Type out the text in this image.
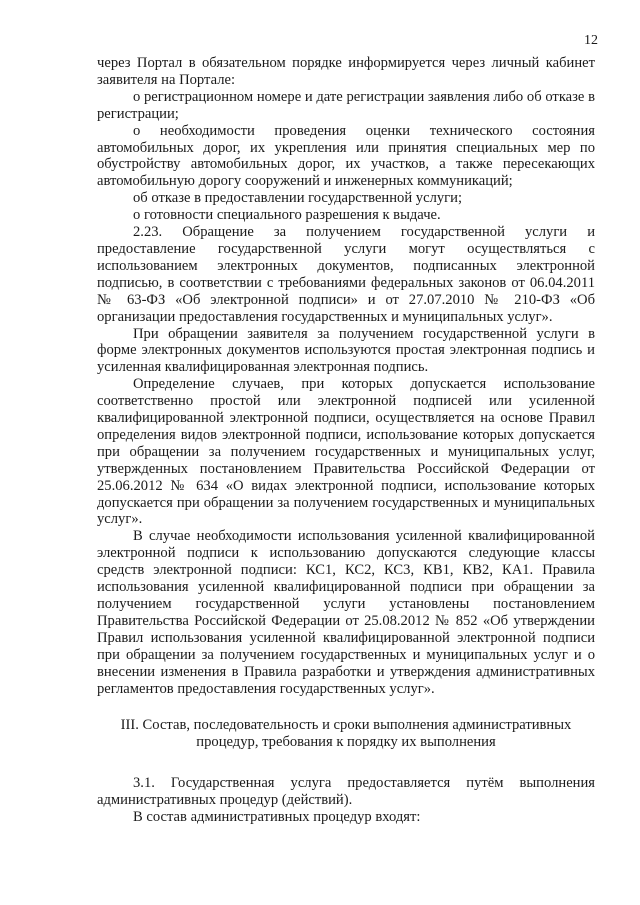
12

через Портал в обязательном порядке информируется через личный кабинет заявителя на Портале:

о регистрационном номере и дате регистрации заявления либо об отказе в регистрации;

о необходимости проведения оценки технического состояния автомобильных дорог, их укрепления или принятия специальных мер по обустройству автомобильных дорог, их участков, а также пересекающих автомобильную дорогу сооружений и инженерных коммуникаций;

об отказе в предоставлении государственной услуги;

о готовности специального разрешения к выдаче.

2.23. Обращение за получением государственной услуги и предоставление государственной услуги могут осуществляться с использованием электронных документов, подписанных электронной подписью, в соответствии с требованиями федеральных законов от 06.04.2011 № 63-ФЗ «Об электронной подписи» и от 27.07.2010 № 210-ФЗ «Об организации предоставления государственных и муниципальных услуг».

При обращении заявителя за получением государственной услуги в форме электронных документов используются простая электронная подпись и усиленная квалифицированная электронная подпись.

Определение случаев, при которых допускается использование соответственно простой или электронной подписей или усиленной квалифицированной электронной подписи, осуществляется на основе Правил определения видов электронной подписи, использование которых допускается при обращении за получением государственных и муниципальных услуг, утвержденных постановлением Правительства Российской Федерации от 25.06.2012 № 634 «О видах электронной подписи, использование которых допускается при обращении за получением государственных и муниципальных услуг».

В случае необходимости использования усиленной квалифицированной электронной подписи к использованию допускаются следующие классы средств электронной подписи: КС1, КС2, КС3, КВ1, КВ2, КА1. Правила использования усиленной квалифицированной подписи при обращении за получением государственной услуги установлены постановлением Правительства Российской Федерации от 25.08.2012 № 852 «Об утверждении Правил использования усиленной квалифицированной электронной подписи при обращении за получением государственных и муниципальных услуг и о внесении изменения в Правила разработки и утверждения административных регламентов предоставления государственных услуг».

III. Состав, последовательность и сроки выполнения административных
процедур, требования к порядку их выполнения

3.1. Государственная услуга предоставляется путём выполнения административных процедур (действий).

В состав административных процедур входят:
